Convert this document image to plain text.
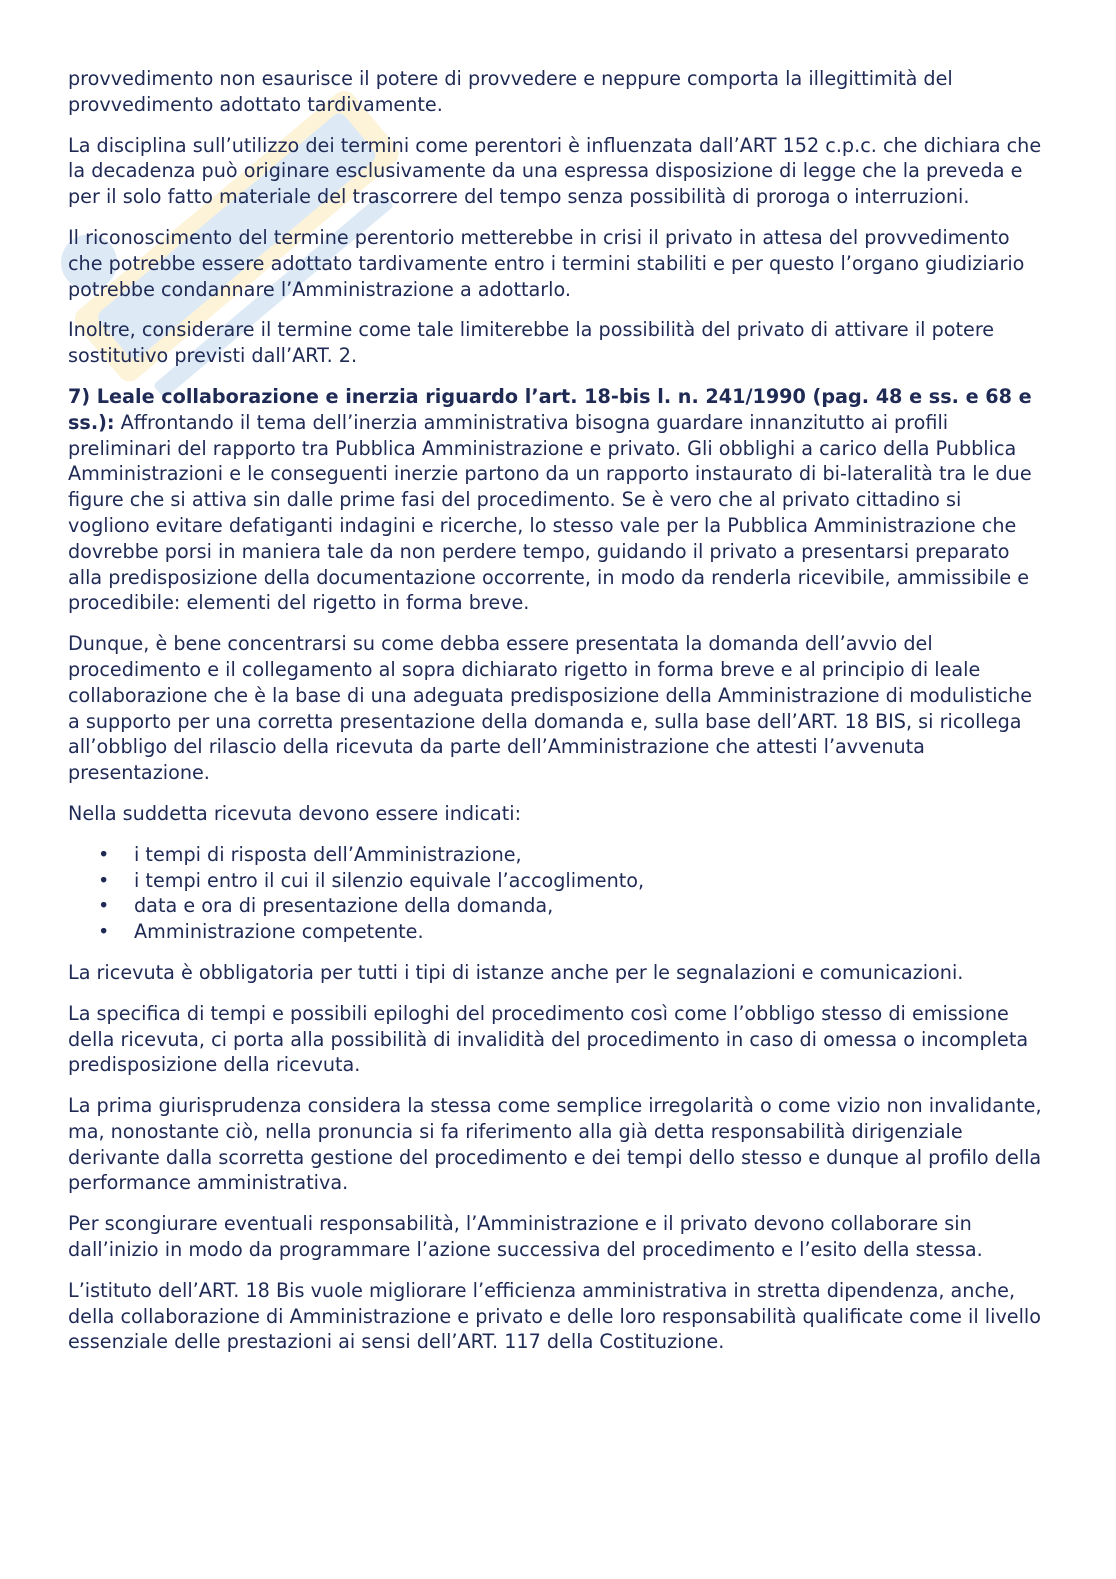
provvedimento non esaurisce il potere di provvedere e neppure comporta la illegittimità del provvedimento adottato tardivamente.

La disciplina sull’utilizzo dei termini come perentori è influenzata dall’ART 152 c.p.c. che dichiara che la decadenza può originare esclusivamente da una espressa disposizione di legge che la preveda e per il solo fatto materiale del trascorrere del tempo senza possibilità di proroga o interruzioni.

Il riconoscimento del termine perentorio metterebbe in crisi il privato in attesa del provvedimento che potrebbe essere adottato tardivamente entro i termini stabiliti e per questo l’organo giudiziario potrebbe condannare l’Amministrazione a adottarlo.

Inoltre, considerare il termine come tale limiterebbe la possibilità del privato di attivare il potere sostitutivo previsti dall’ART. 2.

7) Leale collaborazione e inerzia riguardo l’art. 18-bis l. n. 241/1990 (pag. 48 e ss. e 68 e ss.): Affrontando il tema dell’inerzia amministrativa bisogna guardare innanzitutto ai profili preliminari del rapporto tra Pubblica Amministrazione e privato. Gli obblighi a carico della Pubblica Amministrazioni e le conseguenti inerzie partono da un rapporto instaurato di bi-lateralità tra le due figure che si attiva sin dalle prime fasi del procedimento. Se è vero che al privato cittadino si vogliono evitare defatiganti indagini e ricerche, lo stesso vale per la Pubblica Amministrazione che dovrebbe porsi in maniera tale da non perdere tempo, guidando il privato a presentarsi preparato alla predisposizione della documentazione occorrente, in modo da renderla ricevibile, ammissibile e procedibile: elementi del rigetto in forma breve.

Dunque, è bene concentrarsi su come debba essere presentata la domanda dell’avvio del procedimento e il collegamento al sopra dichiarato rigetto in forma breve e al principio di leale collaborazione che è la base di una adeguata predisposizione della Amministrazione di modulistiche a supporto per una corretta presentazione della domanda e, sulla base dell’ART. 18 BIS, si ricollega all’obbligo del rilascio della ricevuta da parte dell’Amministrazione che attesti l’avvenuta presentazione.

Nella suddetta ricevuta devono essere indicati:

• i tempi di risposta dell’Amministrazione,
• i tempi entro il cui il silenzio equivale l’accoglimento,
• data e ora di presentazione della domanda,
• Amministrazione competente.

La ricevuta è obbligatoria per tutti i tipi di istanze anche per le segnalazioni e comunicazioni.

La specifica di tempi e possibili epiloghi del procedimento così come l’obbligo stesso di emissione della ricevuta, ci porta alla possibilità di invalidità del procedimento in caso di omessa o incompleta predisposizione della ricevuta.

La prima giurisprudenza considera la stessa come semplice irregolarità o come vizio non invalidante, ma, nonostante ciò, nella pronuncia si fa riferimento alla già detta responsabilità dirigenziale derivante dalla scorretta gestione del procedimento e dei tempi dello stesso e dunque al profilo della performance amministrativa.

Per scongiurare eventuali responsabilità, l’Amministrazione e il privato devono collaborare sin dall’inizio in modo da programmare l’azione successiva del procedimento e l’esito della stessa.

L’istituto dell’ART. 18 Bis vuole migliorare l’efficienza amministrativa in stretta dipendenza, anche, della collaborazione di Amministrazione e privato e delle loro responsabilità qualificate come il livello essenziale delle prestazioni ai sensi dell’ART. 117 della Costituzione.
